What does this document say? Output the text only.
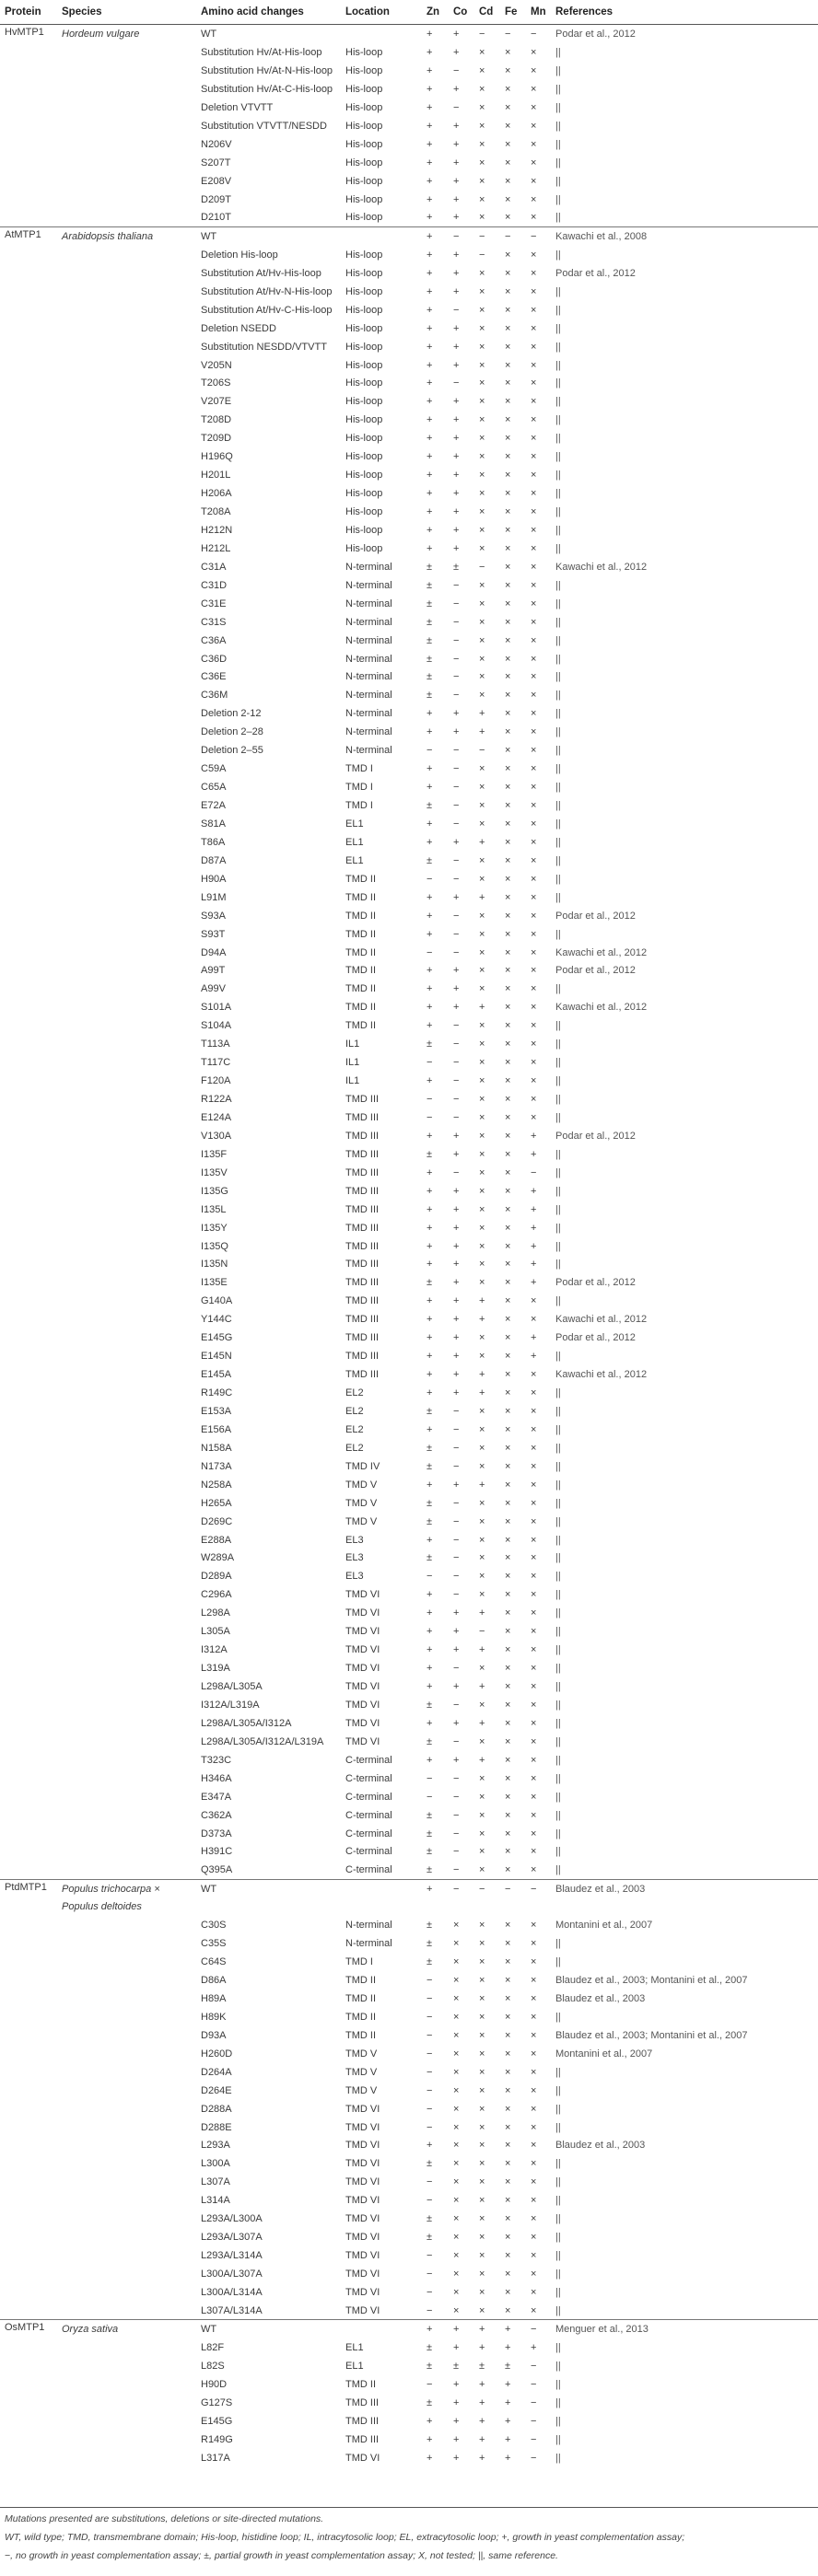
Protein	Species	Amino acid changes	Location	Zn	Co	Cd	Fe	Mn	References
HvMTP1	Hordeum vulgare	WT		+	+	−	−	−	Podar et al., 2012
		Substitution Hv/At-His-loop	His-loop	+	+	×	×	×	||
		Substitution Hv/At-N-His-loop	His-loop	+	−	×	×	×	||
		Substitution Hv/At-C-His-loop	His-loop	+	+	×	×	×	||
		Deletion VTVTT	His-loop	+	−	×	×	×	||
		Substitution VTVTT/NESDD	His-loop	+	+	×	×	×	||
		N206V	His-loop	+	+	×	×	×	||
		S207T	His-loop	+	+	×	×	×	||
		E208V	His-loop	+	+	×	×	×	||
		D209T	His-loop	+	+	×	×	×	||
		D210T	His-loop	+	+	×	×	×	||
AtMTP1	Arabidopsis thaliana	WT		+	−	−	−	−	Kawachi et al., 2008
		Deletion His-loop	His-loop	+	+	−	×	×	||
		Substitution At/Hv-His-loop	His-loop	+	+	×	×	×	Podar et al., 2012
		Substitution At/Hv-N-His-loop	His-loop	+	+	×	×	×	||
		Substitution At/Hv-C-His-loop	His-loop	+	−	×	×	×	||
		Deletion NSEDD	His-loop	+	+	×	×	×	||
		Substitution NESDD/VTVTT	His-loop	+	+	×	×	×	||
		V205N	His-loop	+	+	×	×	×	||
		T206S	His-loop	+	−	×	×	×	||
		V207E	His-loop	+	+	×	×	×	||
		T208D	His-loop	+	+	×	×	×	||
		T209D	His-loop	+	+	×	×	×	||
		H196Q	His-loop	+	+	×	×	×	||
		H201L	His-loop	+	+	×	×	×	||
		H206A	His-loop	+	+	×	×	×	||
		T208A	His-loop	+	+	×	×	×	||
		H212N	His-loop	+	+	×	×	×	||
		H212L	His-loop	+	+	×	×	×	||
		C31A	N-terminal	±	±	−	×	×	Kawachi et al., 2012
		C31D	N-terminal	±	−	×	×	×	||
		C31E	N-terminal	±	−	×	×	×	||
		C31S	N-terminal	±	−	×	×	×	||
		C36A	N-terminal	±	−	×	×	×	||
		C36D	N-terminal	±	−	×	×	×	||
		C36E	N-terminal	±	−	×	×	×	||
		C36M	N-terminal	±	−	×	×	×	||
		Deletion 2-12	N-terminal	+	+	+	×	×	||
		Deletion 2–28	N-terminal	+	+	+	×	×	||
		Deletion 2–55	N-terminal	−	−	−	×	×	||
		C59A	TMD I	+	−	×	×	×	||
		C65A	TMD I	+	−	×	×	×	||
		E72A	TMD I	±	−	×	×	×	||
		S81A	EL1	+	−	×	×	×	||
		T86A	EL1	+	+	+	×	×	||
		D87A	EL1	±	−	×	×	×	||
		H90A	TMD II	−	−	×	×	×	||
		L91M	TMD II	+	+	+	×	×	||
		S93A	TMD II	+	−	×	×	×	Podar et al., 2012
		S93T	TMD II	+	−	×	×	×	||
		D94A	TMD II	−	−	×	×	×	Kawachi et al., 2012
		A99T	TMD II	+	+	×	×	×	Podar et al., 2012
		A99V	TMD II	+	+	×	×	×	||
		S101A	TMD II	+	+	+	×	×	Kawachi et al., 2012
		S104A	TMD II	+	−	×	×	×	||
		T113A	IL1	±	−	×	×	×	||
		T117C	IL1	−	−	×	×	×	||
		F120A	IL1	+	−	×	×	×	||
		R122A	TMD III	−	−	×	×	×	||
		E124A	TMD III	−	−	×	×	×	||
		V130A	TMD III	+	+	×	×	+	Podar et al., 2012
		I135F	TMD III	±	+	×	×	+	||
		I135V	TMD III	+	−	×	×	−	||
		I135G	TMD III	+	+	×	×	+	||
		I135L	TMD III	+	+	×	×	+	||
		I135Y	TMD III	+	+	×	×	+	||
		I135Q	TMD III	+	+	×	×	+	||
		I135N	TMD III	+	+	×	×	+	||
		I135E	TMD III	±	+	×	×	+	Podar et al., 2012
		G140A	TMD III	+	+	+	×	×	||
		Y144C	TMD III	+	+	+	×	×	Kawachi et al., 2012
		E145G	TMD III	+	+	×	×	+	Podar et al., 2012
		E145N	TMD III	+	+	×	×	+	||
		E145A	TMD III	+	+	+	×	×	Kawachi et al., 2012
		R149C	EL2	+	+	+	×	×	||
		E153A	EL2	±	−	×	×	×	||
		E156A	EL2	+	−	×	×	×	||
		N158A	EL2	±	−	×	×	×	||
		N173A	TMD IV	±	−	×	×	×	||
		N258A	TMD V	+	+	+	×	×	||
		H265A	TMD V	±	−	×	×	×	||
		D269C	TMD V	±	−	×	×	×	||
		E288A	EL3	+	−	×	×	×	||
		W289A	EL3	±	−	×	×	×	||
		D289A	EL3	−	−	×	×	×	||
		C296A	TMD VI	+	−	×	×	×	||
		L298A	TMD VI	+	+	+	×	×	||
		L305A	TMD VI	+	+	−	×	×	||
		I312A	TMD VI	+	+	+	×	×	||
		L319A	TMD VI	+	−	×	×	×	||
		L298A/L305A	TMD VI	+	+	+	×	×	||
		I312A/L319A	TMD VI	±	−	×	×	×	||
		L298A/L305A/I312A	TMD VI	+	+	+	×	×	||
		L298A/L305A/I312A/L319A	TMD VI	±	−	×	×	×	||
		T323C	C-terminal	+	+	+	×	×	||
		H346A	C-terminal	−	−	×	×	×	||
		E347A	C-terminal	−	−	×	×	×	||
		C362A	C-terminal	±	−	×	×	×	||
		D373A	C-terminal	±	−	×	×	×	||
		H391C	C-terminal	±	−	×	×	×	||
		Q395A	C-terminal	±	−	×	×	×	||
PtdMTP1	Populus trichocarpa × Populus deltoides	WT		+	−	−	−	−	Blaudez et al., 2003

		C30S	N-terminal	±	×	×	×	×	Montanini et al., 2007
		C35S	N-terminal	±	×	×	×	×	||
		C64S	TMD I	±	×	×	×	×	||
		D86A	TMD II	−	×	×	×	×	Blaudez et al., 2003; Montanini et al., 2007
		H89A	TMD II	−	×	×	×	×	Blaudez et al., 2003
		H89K	TMD II	−	×	×	×	×	||
		D93A	TMD II	−	×	×	×	×	Blaudez et al., 2003; Montanini et al., 2007
		H260D	TMD V	−	×	×	×	×	Montanini et al., 2007
		D264A	TMD V	−	×	×	×	×	||
		D264E	TMD V	−	×	×	×	×	||
		D288A	TMD VI	−	×	×	×	×	||
		D288E	TMD VI	−	×	×	×	×	||
		L293A	TMD VI	+	×	×	×	×	Blaudez et al., 2003
		L300A	TMD VI	±	×	×	×	×	||
		L307A	TMD VI	−	×	×	×	×	||
		L314A	TMD VI	−	×	×	×	×	||
		L293A/L300A	TMD VI	±	×	×	×	×	||
		L293A/L307A	TMD VI	±	×	×	×	×	||
		L293A/L314A	TMD VI	−	×	×	×	×	||
		L300A/L307A	TMD VI	−	×	×	×	×	||
		L300A/L314A	TMD VI	−	×	×	×	×	||
		L307A/L314A	TMD VI	−	×	×	×	×	||
OsMTP1	Oryza sativa	WT		+	+	+	+	−	Menguer et al., 2013
		L82F	EL1	±	+	+	+	+	||
		L82S	EL1	±	±	±	±	−	||
		H90D	TMD II	−	+	+	+	−	||
		G127S	TMD III	±	+	+	+	−	||
		E145G	TMD III	+	+	+	+	−	||
		R149G	TMD III	+	+	+	+	−	||
		L317A	TMD VI	+	+	+	+	−	||

Mutations presented are substitutions, deletions or site-directed mutations.

WT, wild type; TMD, transmembrane domain; His-loop, histidine loop; IL, intracytosolic loop; EL, extracytosolic loop; +, growth in yeast complementation assay;

−, no growth in yeast complementation assay; ±, partial growth in yeast complementation assay; X, not tested; ||, same reference.
